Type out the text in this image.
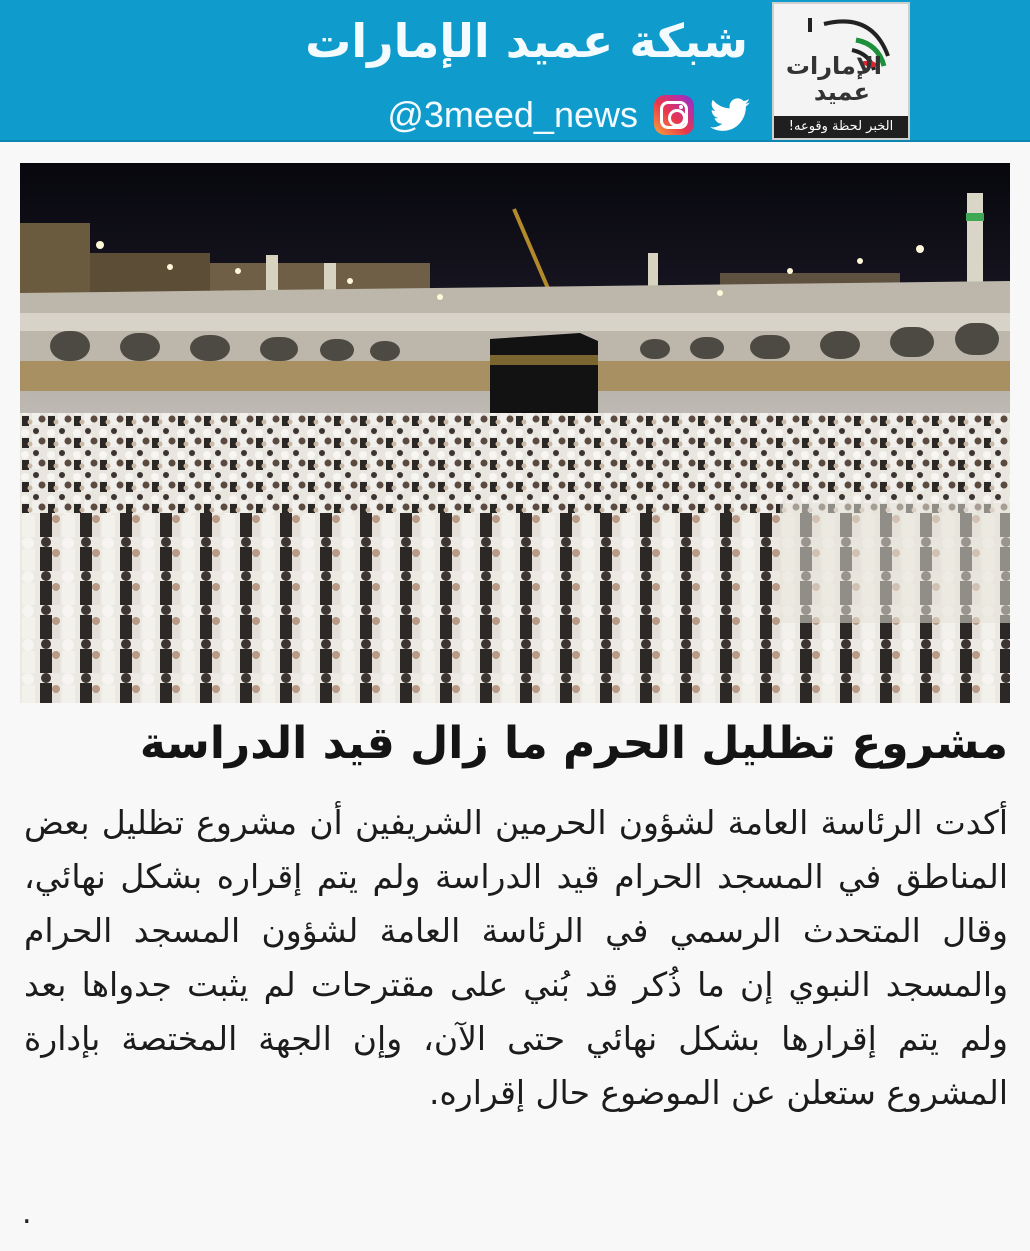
شبكة عميد الإمارات
@3meed_news
الإمارات
عميد
الخبر لحظة وقوعه!
مشروع تظليل الحرم ما زال قيد الدراسة
أكدت الرئاسة العامة لشؤون الحرمين الشريفين أن مشروع تظليل بعض المناطق في المسجد الحرام قيد الدراسة ولم يتم إقراره بشكل نهائي، وقال المتحدث الرسمي في الرئاسة العامة لشؤون المسجد الحرام والمسجد النبوي إن ما ذُكر قد بُني على مقترحات لم يثبت جدواها بعد ولم يتم إقرارها بشكل نهائي حتى الآن، وإن الجهة المختصة بإدارة المشروع ستعلن عن الموضوع حال إقراره.
.
